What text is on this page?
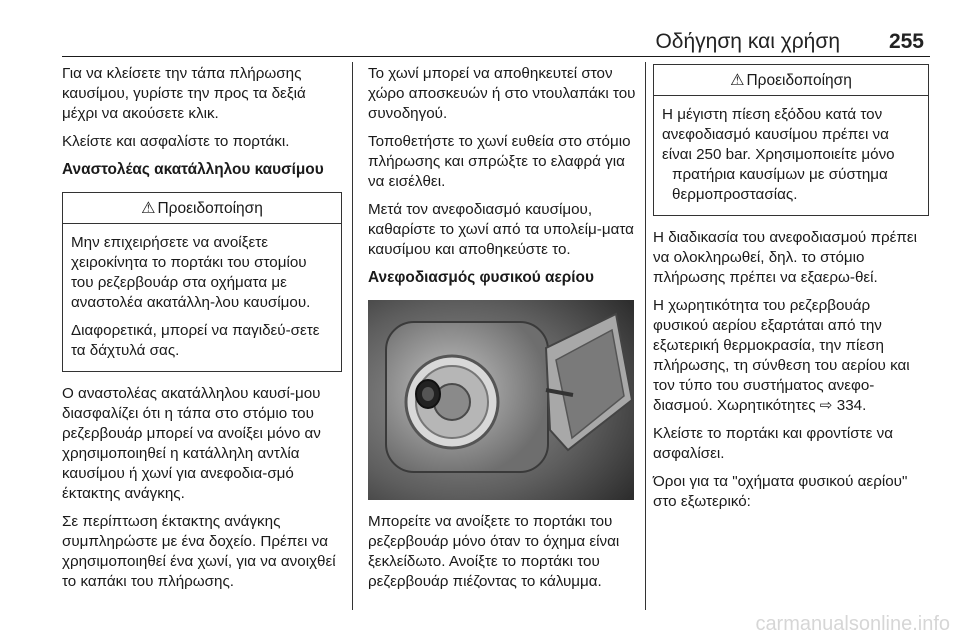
Οδήγηση και χρήση 255

Για να κλείσετε την τάπα πλήρωσης καυσίμου, γυρίστε την προς τα δεξιά μέχρι να ακούσετε κλικ.

Κλείστε και ασφαλίστε το πορτάκι.

Αναστολέας ακατάλληλου καυσίμου
⚠ Προειδοποίηση

Μην επιχειρήσετε να ανοίξετε χειροκίνητα το πορτάκι του στομίου του ρεζερβουάρ στα οχήματα με αναστολέα ακατάλλη‐λου καυσίμου.

Διαφορετικά, μπορεί να παγιδεύ‐σετε τα δάχτυλά σας.

Ο αναστολέας ακατάλληλου καυσί‐μου διασφαλίζει ότι η τάπα στο στόμιο του ρεζερβουάρ μπορεί να ανοίξει μόνο αν χρησιμοποιηθεί η κατάλληλη αντλία καυσίμου ή χωνί για ανεφοδια‐σμό έκτακτης ανάγκης.

Σε περίπτωση έκτακτης ανάγκης συμπληρώστε με ένα δοχείο. Πρέπει να χρησιμοποιηθεί ένα χωνί, για να ανοιχθεί το καπάκι του πλήρωσης.

Το χωνί μπορεί να αποθηκευτεί στον χώρο αποσκευών ή στο ντουλαπάκι του συνοδηγού.

Τοποθετήστε το χωνί ευθεία στο στόμιο πλήρωσης και σπρώξτε το ελαφρά για να εισέλθει.

Μετά τον ανεφοδιασμό καυσίμου, καθαρίστε το χωνί από τα υπολείμ‐ματα καυσίμου και αποθηκεύστε το.

Ανεφοδιασμός φυσικού αερίου

Μπορείτε να ανοίξετε το πορτάκι του ρεζερβουάρ μόνο όταν το όχημα είναι ξεκλείδωτο. Ανοίξτε το πορτάκι του ρεζερβουάρ πιέζοντας το κάλυμμα.

⚠ Προειδοποίηση

Η μέγιστη πίεση εξόδου κατά τον ανεφοδιασμό καυσίμου πρέπει να είναι 250 bar. Χρησιμοποιείτε μόνο

πρατήρια καυσίμων με σύστημα θερμοπροστασίας.

Η διαδικασία του ανεφοδιασμού πρέπει να ολοκληρωθεί, δηλ. το στόμιο πλήρωσης πρέπει να εξαερω‐θεί.

Η χωρητικότητα του ρεζερβουάρ φυσικού αερίου εξαρτάται από την εξωτερική θερμοκρασία, την πίεση πλήρωσης, τη σύνθεση του αερίου και τον τύπο του συστήματος ανεφο‐διασμού. Χωρητικότητες ⇨ 334.

Κλείστε το πορτάκι και φροντίστε να ασφαλίσει.

Όροι για τα "οχήματα φυσικού αερίου" στο εξωτερικό:

carmanualsonline.info
